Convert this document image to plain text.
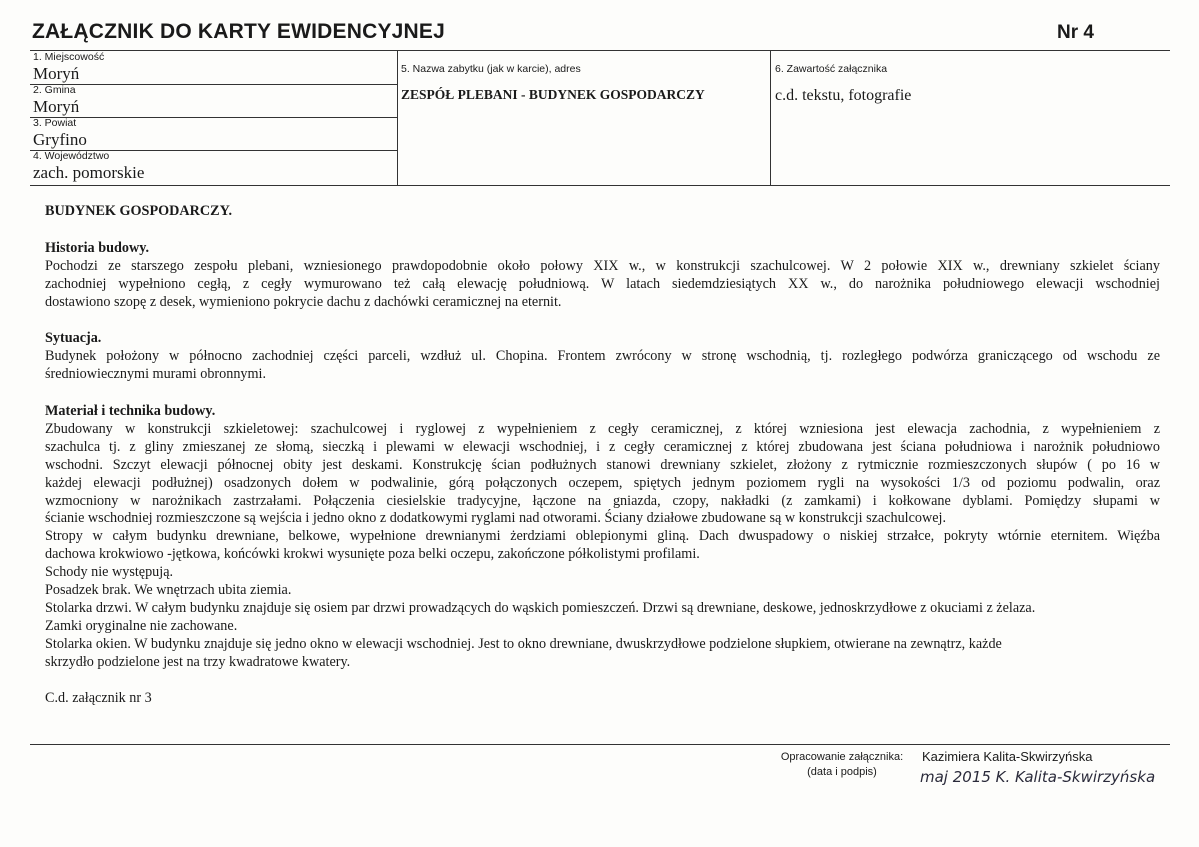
ZAŁĄCZNIK DO KARTY EWIDENCYJNEJ	Nr 4
1. Miejscowość
Moryń
2. Gmina
Moryń
3. Powiat
Gryfino
4. Województwo
zach. pomorskie
5. Nazwa zabytku (jak w karcie), adres
ZESPÓŁ PLEBANI - BUDYNEK GOSPODARCZY
6. Zawartość załącznika
c.d. tekstu, fotografie
BUDYNEK GOSPODARCZY.
Historia budowy.
Pochodzi ze starszego zespołu plebani, wzniesionego prawdopodobnie około połowy XIX w., w konstrukcji szachulcowej. W 2 połowie XIX w., drewniany szkielet ściany
zachodniej wypełniono cegłą, z cegły wymurowano też całą elewację południową. W latach siedemdziesiątych XX w., do narożnika południowego elewacji wschodniej
dostawiono szopę z desek, wymieniono pokrycie dachu z dachówki ceramicznej na eternit.
Sytuacja.
Budynek położony w północno zachodniej części parceli, wzdłuż ul. Chopina. Frontem zwrócony w stronę wschodnią, tj. rozległego podwórza graniczącego od wschodu ze
średniowiecznymi murami obronnymi.
Materiał i technika budowy.
Zbudowany w konstrukcji szkieletowej: szachulcowej i ryglowej z wypełnieniem z cegły ceramicznej, z której wzniesiona jest elewacja zachodnia, z wypełnieniem z
szachulca tj. z gliny zmieszanej ze słomą, sieczką i plewami w elewacji wschodniej, i z cegły ceramicznej z której zbudowana jest ściana południowa i narożnik południowo
wschodni. Szczyt elewacji północnej obity jest deskami. Konstrukcję ścian podłużnych stanowi drewniany szkielet, złożony z rytmicznie rozmieszczonych słupów ( po 16 w
każdej elewacji podłużnej) osadzonych dołem w podwalinie, górą połączonych oczepem, spiętych jednym poziomem rygli na wysokości 1/3 od poziomu podwalin, oraz
wzmocniony w narożnikach zastrzałami. Połączenia ciesielskie tradycyjne, łączone na gniazda, czopy, nakładki (z zamkami) i kołkowane dyblami. Pomiędzy słupami w
ścianie wschodniej rozmieszczone są wejścia i jedno okno z dodatkowymi ryglami nad otworami. Ściany działowe zbudowane są w konstrukcji szachulcowej.
Stropy w całym budynku drewniane, belkowe, wypełnione drewnianymi żerdziami oblepionymi gliną. Dach dwuspadowy o niskiej strzałce, pokryty wtórnie eternitem. Więźba
dachowa krokwiowo -jętkowa, końcówki krokwi wysunięte poza belki oczepu, zakończone półkolistymi profilami.
Schody nie występują.
Posadzek brak. We wnętrzach ubita ziemia.
Stolarka drzwi. W całym budynku znajduje się osiem par drzwi prowadzących do wąskich pomieszczeń. Drzwi są drewniane, deskowe, jednoskrzydłowe z okuciami z żelaza.
Zamki oryginalne nie zachowane.
Stolarka okien. W budynku znajduje się jedno okno w elewacji wschodniej. Jest to okno drewniane, dwuskrzydłowe podzielone słupkiem, otwierane na zewnątrz, każde
skrzydło podzielone jest na trzy kwadratowe kwatery.
C.d. załącznik nr 3
Opracowanie załącznika:
(data i podpis)
Kazimiera Kalita-Skwirzyńska
maj 2015 K. Kalita-Skwirzyńska
